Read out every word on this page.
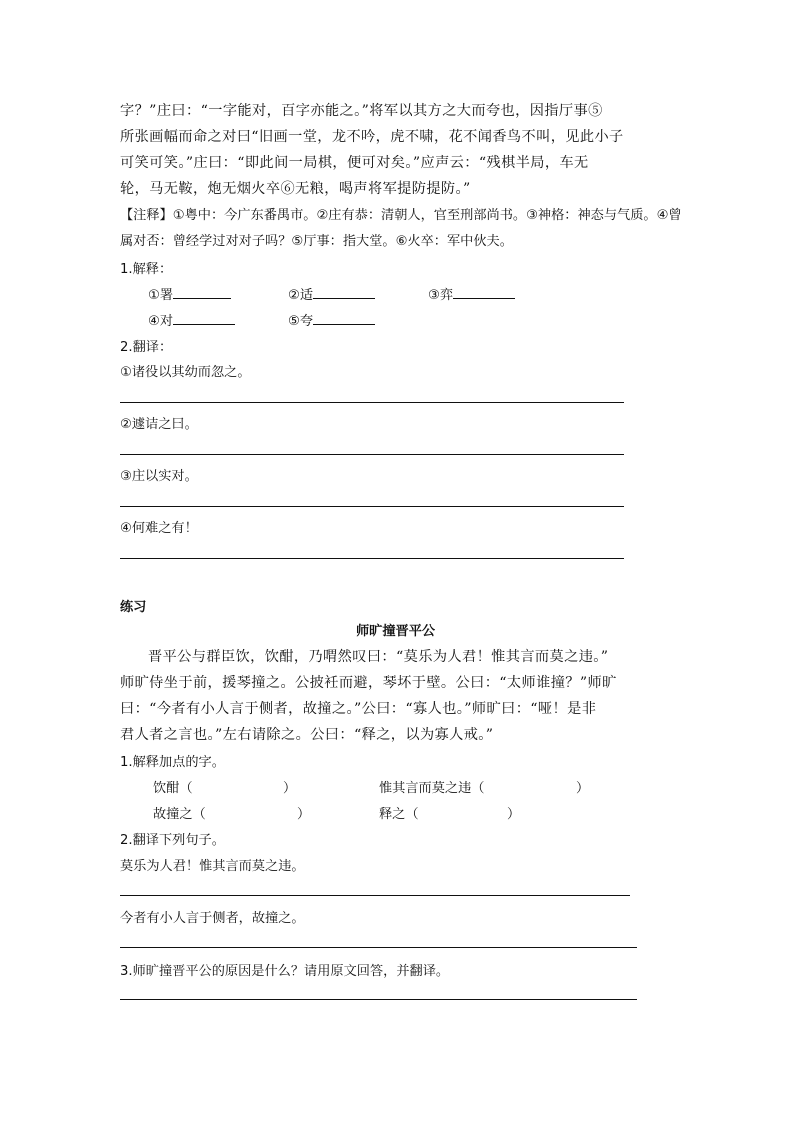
字？”庄曰：“一字能对，百字亦能之。”将军以其方之大而夸也，因指厅事⑤
所张画幅而命之对曰“旧画一堂，龙不吟，虎不啸，花不闻香鸟不叫，见此小子
可笑可笑。”庄曰：“即此间一局棋，便可对矣。”应声云：“残棋半局，车无
轮，马无鞍，炮无烟火卒⑥无粮，喝声将军提防提防。”
【注释】①粤中：今广东番禺市。②庄有恭：清朝人，官至刑部尚书。③神格：神态与气质。④曾
属对否：曾经学过对对子吗？⑤厅事：指大堂。⑥火卒：军中伙夫。
1.解释：
①署	②适	③弈
④对	⑤夸
2.翻译：
①诸役以其幼而忽之。
②遽诘之曰。
③庄以实对。
④何难之有！
练习
师旷撞晋平公
晋平公与群臣饮，饮酣，乃喟然叹曰：“莫乐为人君！惟其言而莫之违。”
师旷侍坐于前，援琴撞之。公披衽而避，琴坏于壁。公曰：“太师谁撞？”师旷
曰：“今者有小人言于侧者，故撞之。”公曰：“寡人也。”师旷曰：“哑！是非
君人者之言也。”左右请除之。公曰：“释之，以为寡人戒。”
1.解释加点的字。
饮酣（	）	惟其言而莫之违（	）
故撞之（	）	释之（	）
2.翻译下列句子。
莫乐为人君！惟其言而莫之违。
今者有小人言于侧者，故撞之。
3.师旷撞晋平公的原因是什么？请用原文回答，并翻译。
